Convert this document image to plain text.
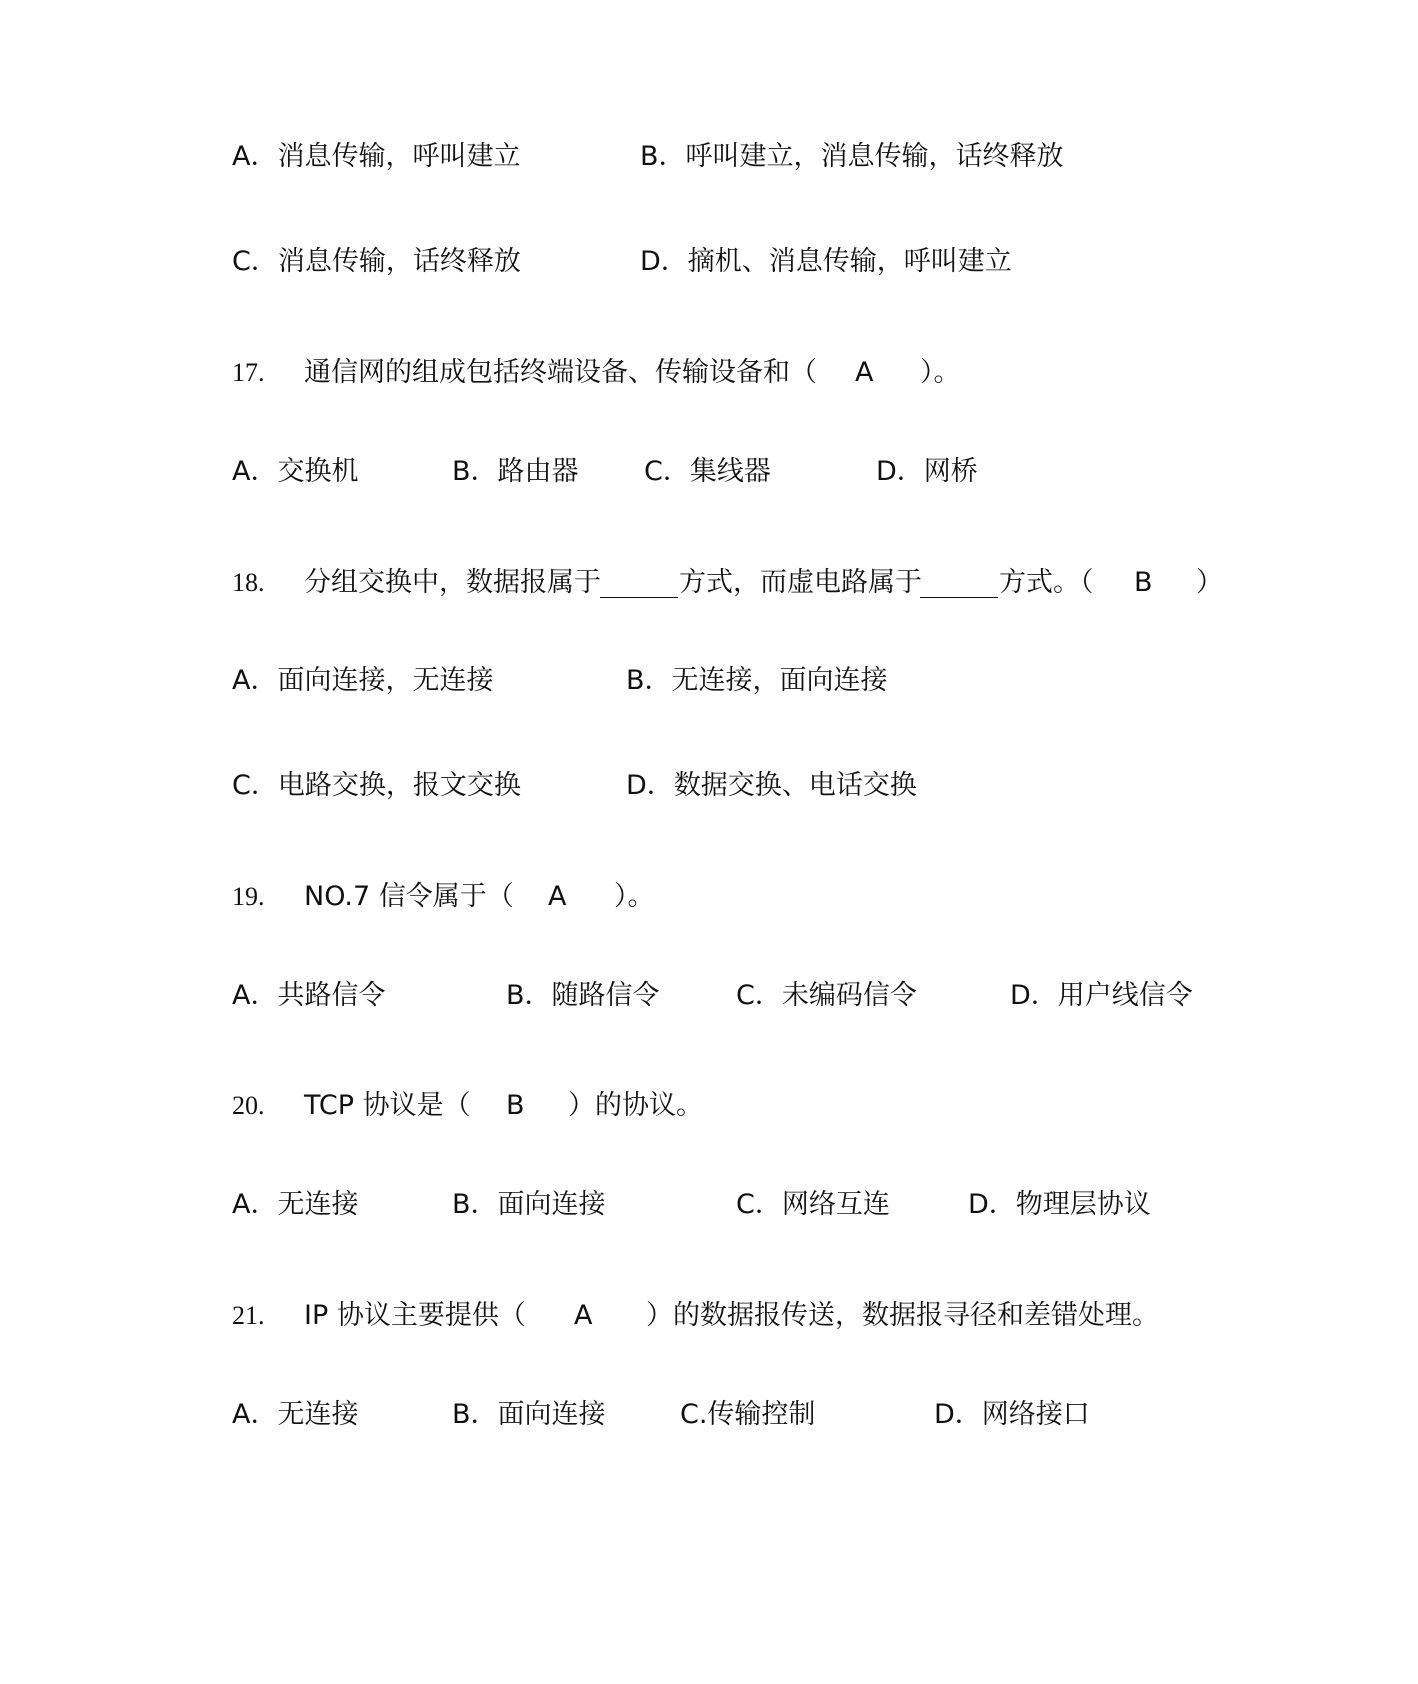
A．消息传输，呼叫建立	B．呼叫建立，消息传输，话终释放
C．消息传输，话终释放	D．摘机、消息传输，呼叫建立
17. 通信网的组成包括终端设备、传输设备和（ A ）。
A．交换机	B．路由器 C．集线器	D．网桥
18. 分组交换中，数据报属于	方式，而虚电路属于	方式。（ B ）
A．面向连接，无连接	B．无连接，面向连接
C．电路交换，报文交换	D．数据交换、电话交换
19. NO.7 信令属于（ A ）。
A．共路信令	B．随路信令	C．未编码信令	D．用户线信令
20. TCP 协议是（ B ）的协议。
A．无连接	B．面向连接	C．网络互连	D．物理层协议
21. IP 协议主要提供（ A ）的数据报传送，数据报寻径和差错处理。
A．无连接	B．面向连接	C.传输控制	D．网络接口
